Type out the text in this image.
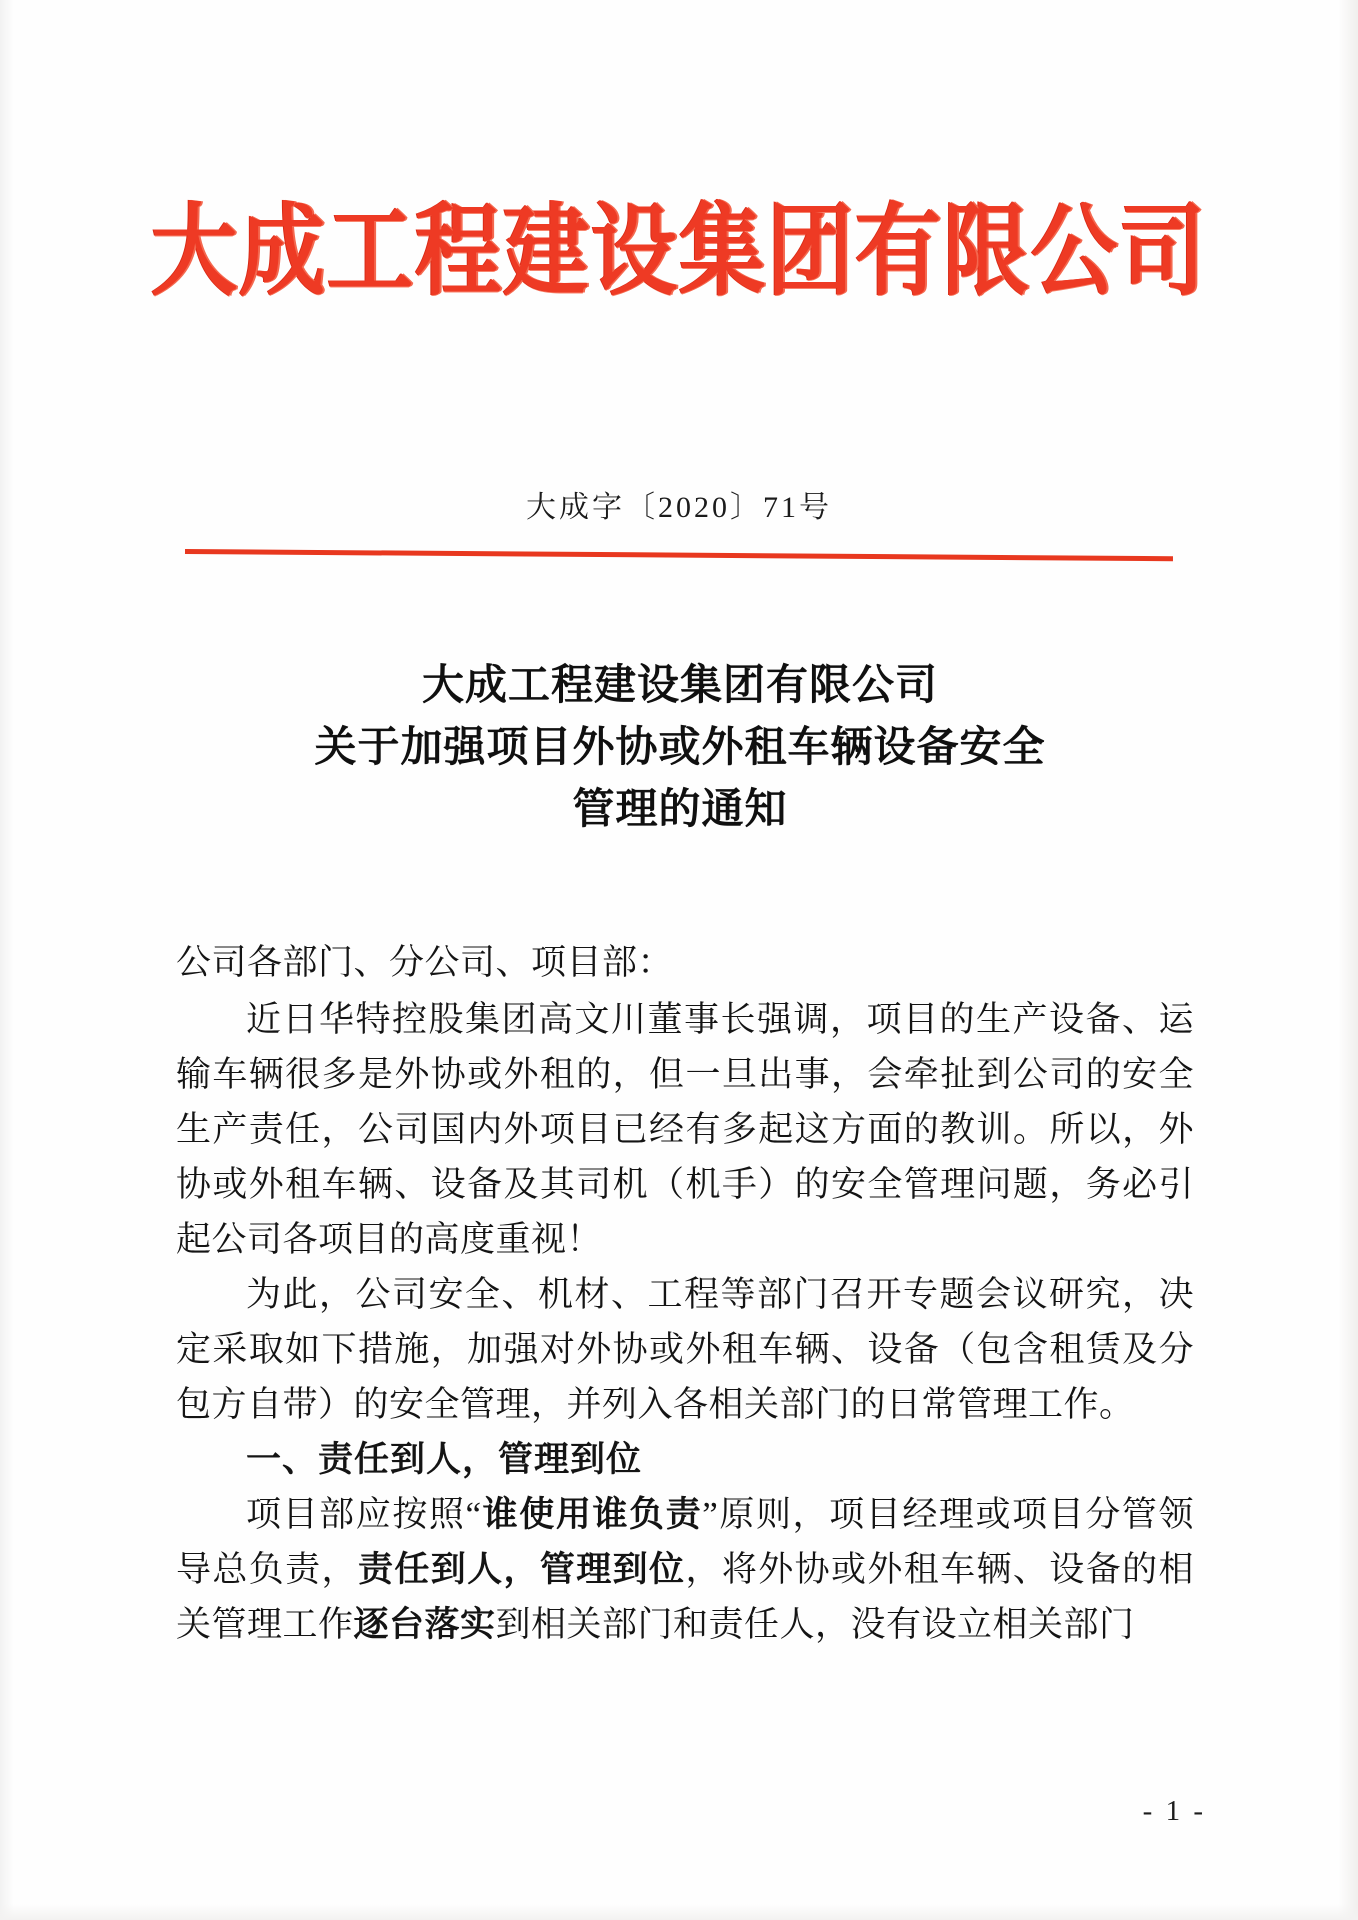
大成工程建设集团有限公司
大成字〔2020〕71号
大成工程建设集团有限公司
关于加强项目外协或外租车辆设备安全
管理的通知

公司各部门、分公司、项目部：

近日华特控股集团高文川董事长强调，项目的生产设备、运输车辆很多是外协或外租的，但一旦出事，会牵扯到公司的安全生产责任，公司国内外项目已经有多起这方面的教训。所以，外协或外租车辆、设备及其司机（机手）的安全管理问题，务必引起公司各项目的高度重视！

为此，公司安全、机材、工程等部门召开专题会议研究，决定采取如下措施，加强对外协或外租车辆、设备（包含租赁及分包方自带）的安全管理，并列入各相关部门的日常管理工作。

一、责任到人，管理到位

项目部应按照“谁使用谁负责”原则，项目经理或项目分管领导总负责，责任到人，管理到位，将外协或外租车辆、设备的相关管理工作逐台落实到相关部门和责任人，没有设立相关部门

- 1 -
